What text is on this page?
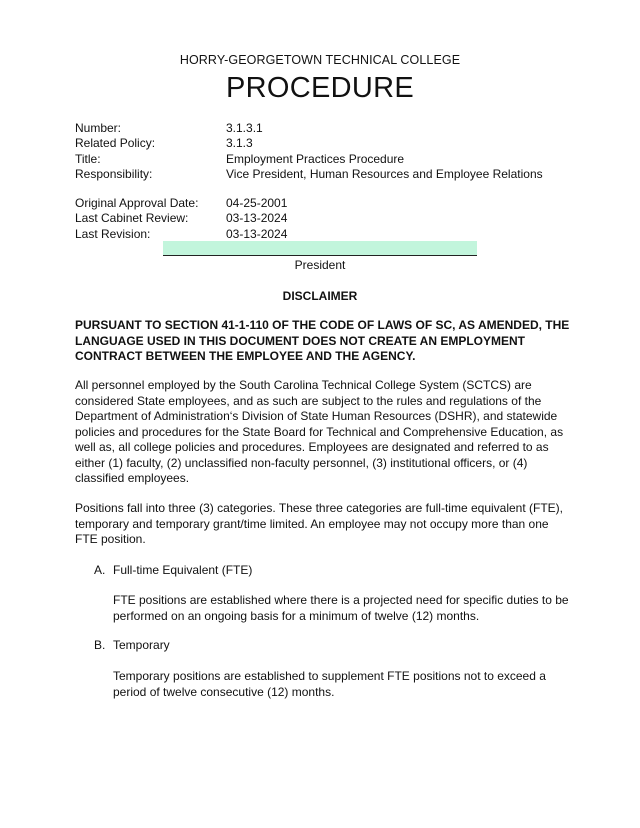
HORRY-GEORGETOWN TECHNICAL COLLEGE
PROCEDURE
Number:	3.1.3.1
Related Policy:	3.1.3
Title:	Employment Practices Procedure
Responsibility:	Vice President, Human Resources and Employee Relations
Original Approval Date:	04-25-2001
Last Cabinet Review:	03-13-2024
Last Revision:	03-13-2024
President
DISCLAIMER
PURSUANT TO SECTION 41-1-110 OF THE CODE OF LAWS OF SC, AS AMENDED, THE LANGUAGE USED IN THIS DOCUMENT DOES NOT CREATE AN EMPLOYMENT CONTRACT BETWEEN THE EMPLOYEE AND THE AGENCY.
All personnel employed by the South Carolina Technical College System (SCTCS) are considered State employees, and as such are subject to the rules and regulations of the Department of Administration‘s Division of State Human Resources (DSHR), and statewide policies and procedures for the State Board for Technical and Comprehensive Education, as well as, all college policies and procedures. Employees are designated and referred to as either (1) faculty, (2) unclassified non-faculty personnel, (3) institutional officers, or (4) classified employees.
Positions fall into three (3) categories. These three categories are full-time equivalent (FTE), temporary and temporary grant/time limited. An employee may not occupy more than one FTE position.
A. Full-time Equivalent (FTE)
FTE positions are established where there is a projected need for specific duties to be performed on an ongoing basis for a minimum of twelve (12) months.
B. Temporary
Temporary positions are established to supplement FTE positions not to exceed a period of twelve consecutive (12) months.
